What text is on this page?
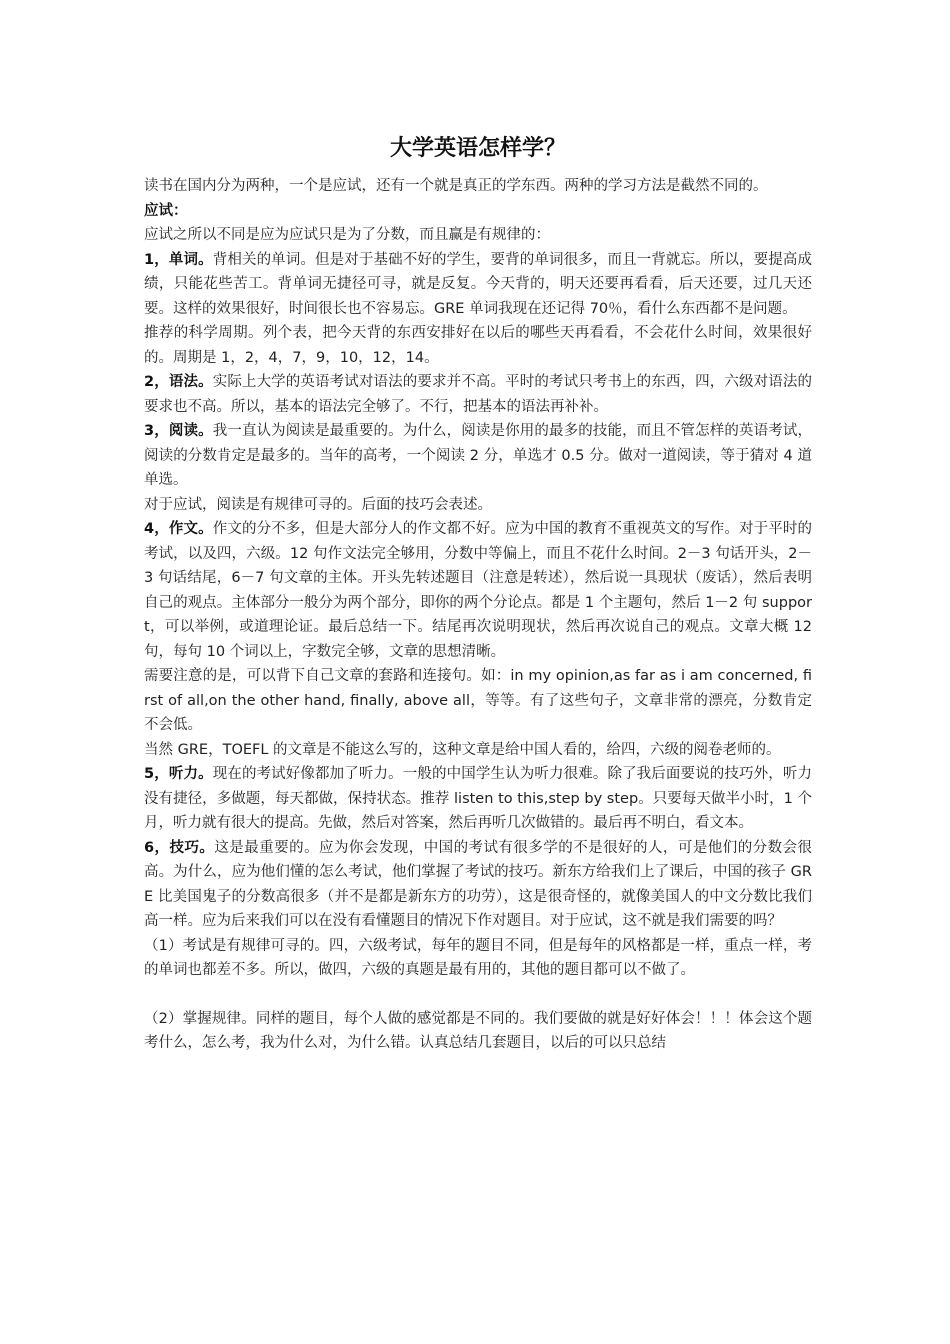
大学英语怎样学？

读书在国内分为两种，一个是应试，还有一个就是真正的学东西。两种的学习方法是截然不同的。

应试：

应试之所以不同是应为应试只是为了分数，而且赢是有规律的：

1，单词。背相关的单词。但是对于基础不好的学生，要背的单词很多，而且一背就忘。所以，要提高成绩，只能花些苦工。背单词无捷径可寻，就是反复。今天背的，明天还要再看看，后天还要，过几天还要。这样的效果很好，时间很长也不容易忘。GRE 单词我现在还记得 70％，看什么东西都不是问题。

推荐的科学周期。列个表，把今天背的东西安排好在以后的哪些天再看看，不会花什么时间，效果很好的。周期是 1，2，4，7，9，10，12，14。

2，语法。实际上大学的英语考试对语法的要求并不高。平时的考试只考书上的东西，四，六级对语法的要求也不高。所以，基本的语法完全够了。不行，把基本的语法再补补。

3，阅读。我一直认为阅读是最重要的。为什么，阅读是你用的最多的技能，而且不管怎样的英语考试，阅读的分数肯定是最多的。当年的高考，一个阅读 2 分，单选才 0.5 分。做对一道阅读，等于猜对 4 道单选。

对于应试，阅读是有规律可寻的。后面的技巧会表述。

4，作文。作文的分不多，但是大部分人的作文都不好。应为中国的教育不重视英文的写作。对于平时的考试，以及四，六级。12 句作文法完全够用，分数中等偏上，而且不花什么时间。2－3 句话开头，2－3 句话结尾，6－7 句文章的主体。开头先转述题目（注意是转述），然后说一具现状（废话），然后表明自己的观点。主体部分一般分为两个部分，即你的两个分论点。都是 1 个主题句，然后 1－2 句 support，可以举例，或道理论证。最后总结一下。结尾再次说明现状，然后再次说自己的观点。文章大概 12 句，每句 10 个词以上，字数完全够，文章的思想清晰。

需要注意的是，可以背下自己文章的套路和连接句。如：in my opinion,as far as i am concerned, first of all,on the other hand, finally, above all，等等。有了这些句子，文章非常的漂亮，分数肯定不会低。

当然 GRE，TOEFL 的文章是不能这么写的，这种文章是给中国人看的，给四，六级的阅卷老师的。

5，听力。现在的考试好像都加了听力。一般的中国学生认为听力很难。除了我后面要说的技巧外，听力没有捷径，多做题，每天都做，保持状态。推荐 listen to this,step by step。只要每天做半小时，1 个月，听力就有很大的提高。先做，然后对答案，然后再听几次做错的。最后再不明白，看文本。

6，技巧。这是最重要的。应为你会发现，中国的考试有很多学的不是很好的人，可是他们的分数会很高。为什么，应为他们懂的怎么考试，他们掌握了考试的技巧。新东方给我们上了课后，中国的孩子 GRE 比美国鬼子的分数高很多（并不是都是新东方的功劳），这是很奇怪的，就像美国人的中文分数比我们高一样。应为后来我们可以在没有看懂题目的情况下作对题目。对于应试，这不就是我们需要的吗？

（1）考试是有规律可寻的。四，六级考试，每年的题目不同，但是每年的风格都是一样，重点一样，考的单词也都差不多。所以，做四，六级的真题是最有用的，其他的题目都可以不做了。

（2）掌握规律。同样的题目，每个人做的感觉都是不同的。我们要做的就是好好体会！！！体会这个题考什么，怎么考，我为什么对，为什么错。认真总结几套题目，以后的可以只总结
